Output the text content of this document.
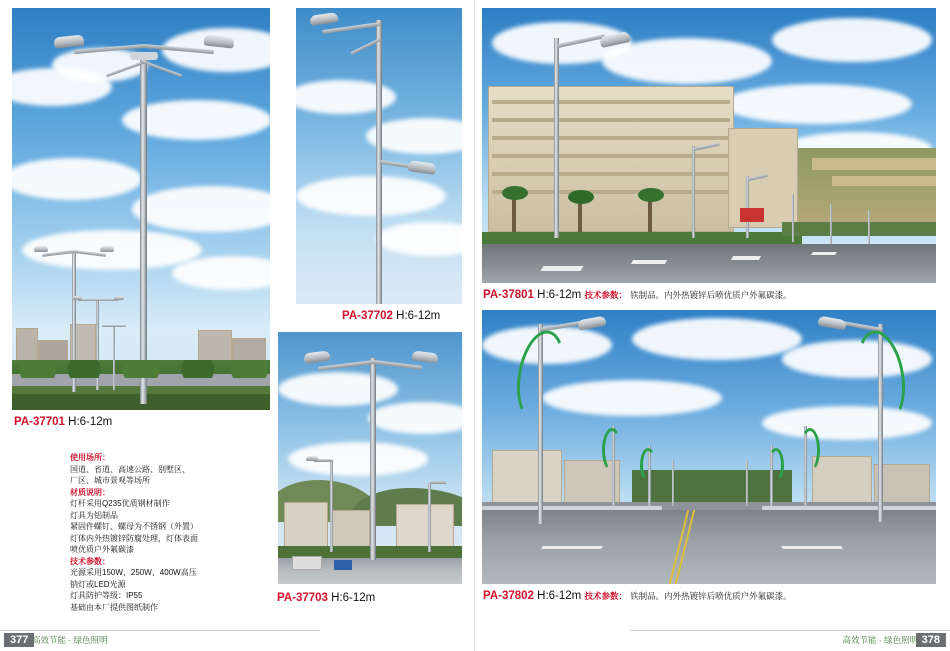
PA-37701 H:6-12m
使用场所：
国道、省道、高速公路、别墅区、
厂区、城市景观等场所
材质说明：
灯杆采用Q235优质钢材制作
灯具为铝制品
紧固件螺钉、螺母为不锈钢（外置）
灯体内外热镀锌防腐处理，灯体表面
喷优质户外氟碳漆
技术参数：
光源采用150W、250W、400W高压
钠灯或LED光源
灯具防护等级：IP55
基础由本厂提供图纸制作
PA-37702 H:6-12m
PA-37703 H:6-12m
PA-37801 H:6-12m 技术参数： 铁制品。内外热镀锌后喷优质户外氟碳漆。
PA-37802 H:6-12m 技术参数： 铁制品。内外热镀锌后喷优质户外氟碳漆。
377 高效节能 · 绿色照明	378
高效节能 · 绿色照明
